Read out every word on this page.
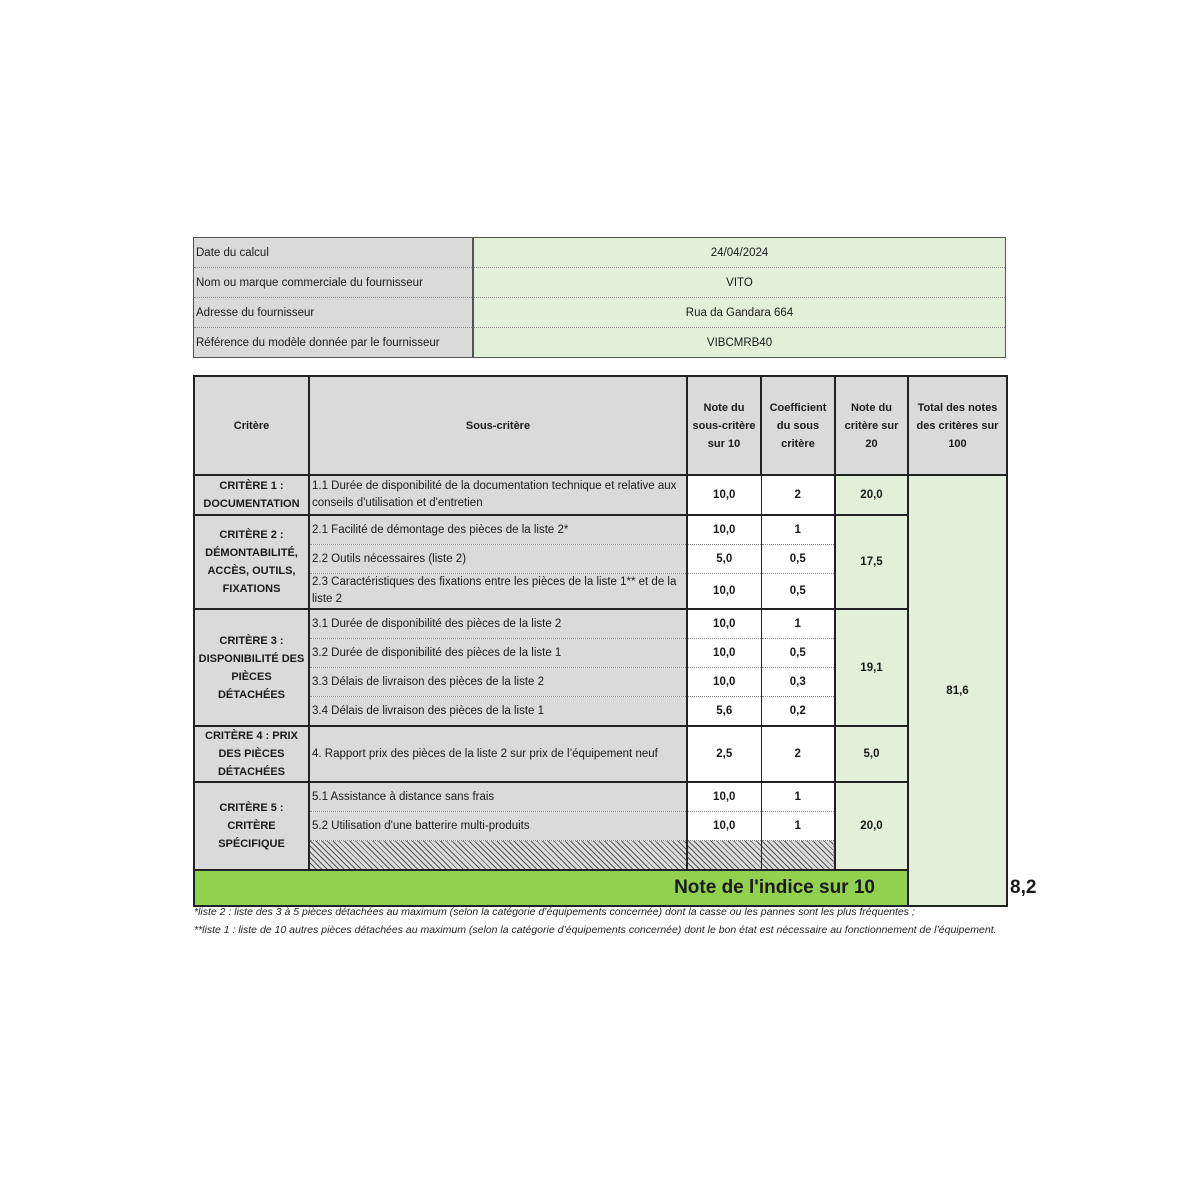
Date du calcul	24/04/2024
Nom ou marque commerciale du fournisseur	VITO
Adresse du fournisseur	Rua da Gandara 664
Référence du modèle donnée par le fournisseur	VIBCMRB40
Critère	Sous-critère	Note du sous-critère sur 10	Coefficient du sous critère	Note du critère sur 20	Total des notes des critères sur 100	
CRITÈRE 1 : DOCUMENTATION	1.1 Durée de disponibilité de la documentation technique et relative aux conseils d'utilisation et d'entretien	10,0	2	20,0	81,6	
CRITÈRE 2 : DÉMONTABILITÉ, ACCÈS, OUTILS, FIXATIONS	2.1 Facilité de démontage des pièces de la liste 2*	10,0	1	17,5		
	2.2 Outils nécessaires (liste 2)	5,0	0,5			
	2.3 Caractéristiques des fixations entre les pièces de la liste 1** et de la liste 2	10,0	0,5			
CRITÈRE 3 : DISPONIBILITÉ DES PIÈCES DÉTACHÉES	3.1 Durée de disponibilité des pièces de la liste 2	10,0	1	19,1		
	3.2 Durée de disponibilité des pièces de la liste 1	10,0	0,5			
	3.3 Délais de livraison des pièces de la liste 2	10,0	0,3			
	3.4 Délais de livraison des pièces de la liste 1	5,6	0,2			
CRITÈRE 4 : PRIX DES PIÈCES DÉTACHÉES	4. Rapport prix des pièces de la liste 2 sur prix de l’équipement neuf	2,5	2	5,0		
CRITÈRE 5 : CRITÈRE SPÉCIFIQUE	5.1 Assistance à distance sans frais	10,0	1	20,0		
	5.2 Utilisation d'une batterire multi-produits	10,0	1			

Note de l'indice sur 10						8,2

*liste 2 : liste des 3 à 5 pièces détachées au maximum (selon la catégorie d’équipements concernée) dont la casse ou les pannes sont les plus fréquentes ;

**liste 1 : liste de 10 autres pièces détachées au maximum (selon la catégorie d’équipements concernée) dont le bon état est nécessaire au fonctionnement de l’équipement.
